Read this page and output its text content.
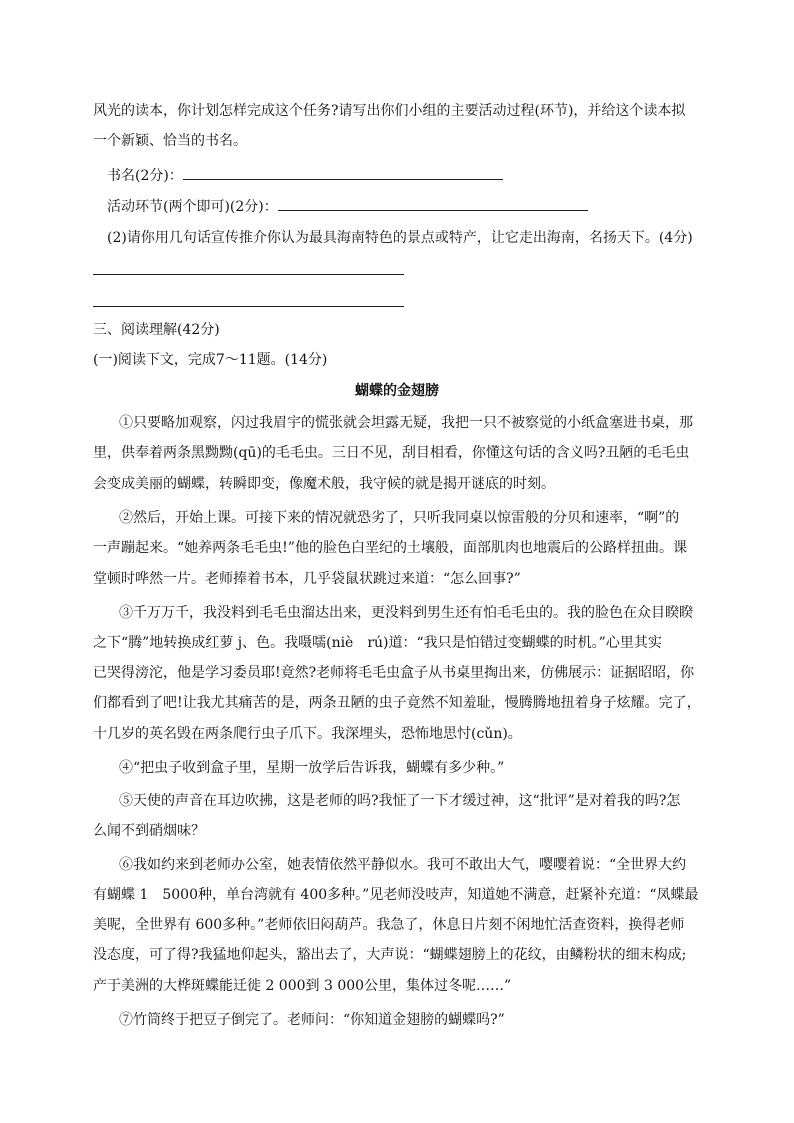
风光的读本，你计划怎样完成这个任务?请写出你们小组的主要活动过程(环节)，并给这个读本拟
一个新颖、恰当的书名。
书名(2分)：
活动环节(两个即可)(2分)：
(2)请你用几句话宣传推介你认为最具海南特色的景点或特产，让它走出海南，名扬天下。(4分)
三、阅读理解(42分)
(一)阅读下文，完成7～11题。(14分)
蝴蝶的金翅膀
①只要略加观察，闪过我眉宇的慌张就会坦露无疑，我把一只不被察觉的小纸盒塞进书桌，那
里，供奉着两条黑黝黝(qū)的毛毛虫。三日不见，刮目相看，你懂这句话的含义吗?丑陋的毛毛虫
会变成美丽的蝴蝶，转瞬即变，像魔术般，我守候的就是揭开谜底的时刻。
②然后，开始上课。可接下来的情况就恐劣了，只听我同桌以惊雷般的分贝和速率，“啊”的
一声蹦起来。“她养两条毛毛虫!”他的脸色白垩纪的土壤般，面部肌肉也地震后的公路样扭曲。课
堂顿时哗然一片。老师捧着书本，几乎袋鼠状跳过来道：“怎么回事?”
③千万万千，我没料到毛毛虫溜达出来，更没料到男生还有怕毛毛虫的。我的脸色在众目睽睽
之下“腾”地转换成红萝 j、色。我嗫嚅(niè　rú)道：“我只是怕错过变蝴蝶的时机。”心里其实
已哭得滂沱，他是学习委员耶!竟然?老师将毛毛虫盒子从书桌里掏出来，仿佛展示：证据昭昭，你
们都看到了吧!让我尤其痛苦的是，两条丑陋的虫子竟然不知羞耻，慢腾腾地扭着身子炫耀。完了，
十几岁的英名毁在两条爬行虫子爪下。我深埋头，恐怖地思忖(cǔn)。
④“把虫子收到盒子里，星期一放学后告诉我，蝴蝶有多少种。”
⑤天使的声音在耳边吹拂，这是老师的吗?我怔了一下才缓过神，这“批评”是对着我的吗?怎
么闻不到硝烟味？
⑥我如约来到老师办公室，她表情依然平静似水。我可不敢出大气，嘤嘤着说：“全世界大约
有蝴蝶 1　5000种，单台湾就有 400多种。”见老师没吱声，知道她不满意，赶紧补充道：“凤蝶最
美呢，全世界有 600多种。”老师依旧闷葫芦。我急了，休息日片刻不闲地忙活查资料，换得老师
没态度，可了得?我猛地仰起头，豁出去了，大声说：“蝴蝶翅膀上的花纹，由鳞粉状的细末构成;
产于美洲的大桦斑蝶能迁徙 2 000到 3 000公里，集体过冬呢……”
⑦竹筒终于把豆子倒完了。老师问：“你知道金翅膀的蝴蝶吗?”
